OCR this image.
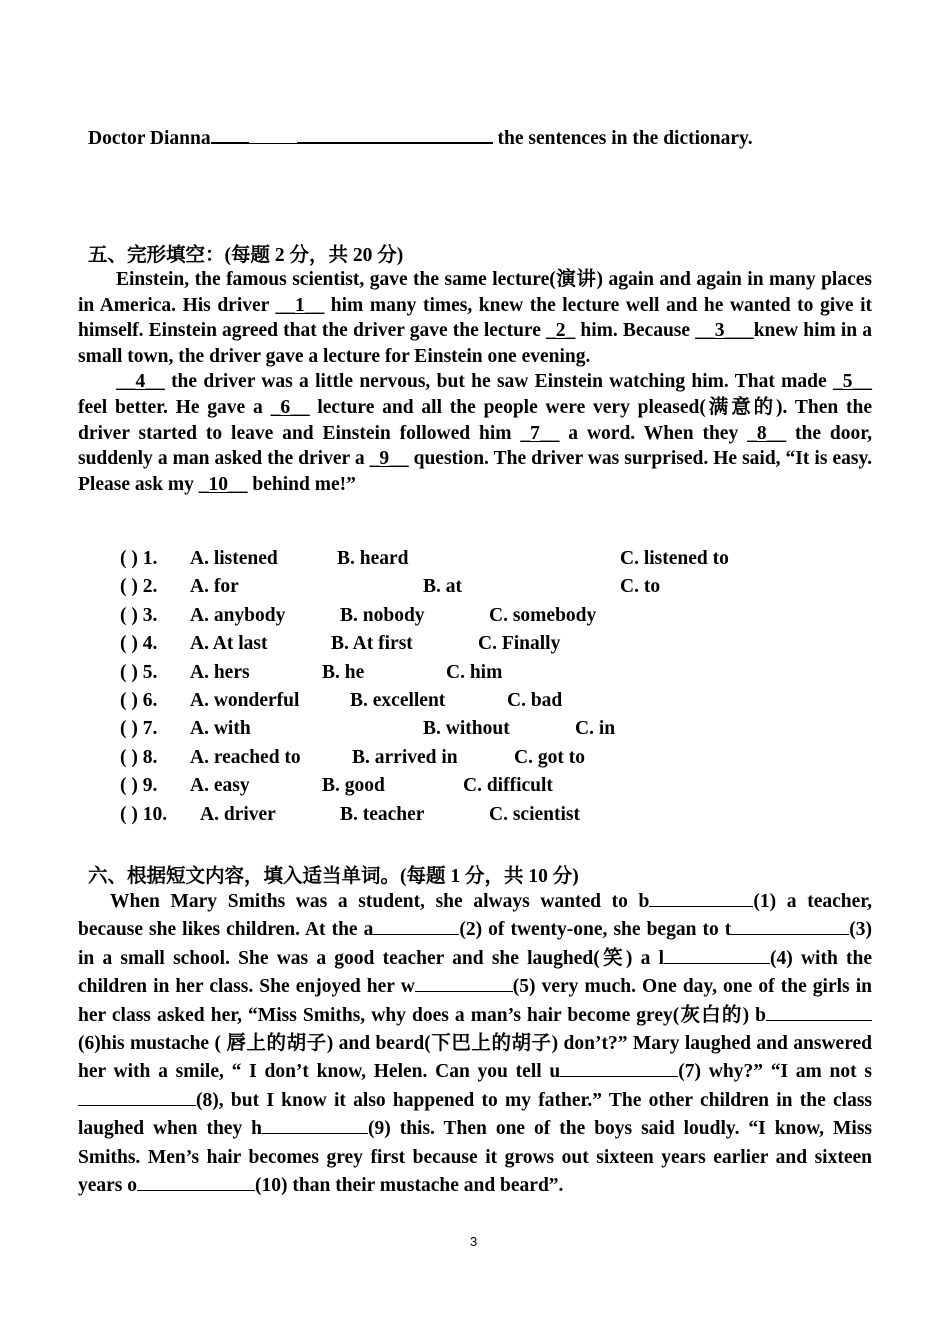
Doctor Dianna	the sentences in the dictionary.
五、完形填空：(每题 2 分，共 20 分)

Einstein, the famous scientist, gave the same lecture(演讲) again and again in many places in America. His driver __1__ him many times, knew the lecture well and he wanted to give it himself. Einstein agreed that the driver gave the lecture _2_ him. Because __3___knew him in a small town, the driver gave a lecture for Einstein one evening.

__4__ the driver was a little nervous, but he saw Einstein watching him. That made _5__ feel better. He gave a _6__ lecture and all the people were very pleased(满意的). Then the driver started to leave and Einstein followed him _7__ a word. When they _8__ the door, suddenly a man asked the driver a _9__ question. The driver was surprised. He said, “It is easy. Please ask my _10__ behind me!”

( ) 1. A. listened	B. heard	C. listened to
( ) 2. A. for	B. at	C. to
( ) 3. A. anybody	B. nobody	C. somebody
( ) 4. A. At last	B. At first	C. Finally
( ) 5. A. hers	B. he	C. him
( ) 6. A. wonderful	B. excellent	C. bad
( ) 7. A. with	B. without	C. in
( ) 8. A. reached to	B. arrived in	C. got to
( ) 9. A. easy	B. good	C. difficult
( ) 10. A. driver	B. teacher	C. scientist
六、根据短文内容，填入适当单词。(每题 1 分，共 10 分)

When Mary Smiths was a student, she always wanted to b	(1) a teacher, because she likes children. At the a	(2) of twenty-one, she began to t	(3) in a small school. She was a good teacher and she laughed(笑) a l	(4) with the children in her class. She enjoyed her w	(5) very much. One day, one of the girls in her class asked her, “Miss Smiths, why does a man’s hair become grey(灰白的) b(6)his mustache ( 唇上的胡子) and beard(下巴上的胡子) don’t?” Mary laughed and answered her with a smile, “ I don’t know, Helen. Can you tell u	(7) why?” “I am not s(8), but I know it also happened to my father.” The other children in the class laughed when they h	(9) this. Then one of the boys said loudly. “I know, Miss Smiths. Men’s hair becomes grey first because it grows out sixteen years earlier and sixteen years o	(10) than their mustache and beard”.

3
